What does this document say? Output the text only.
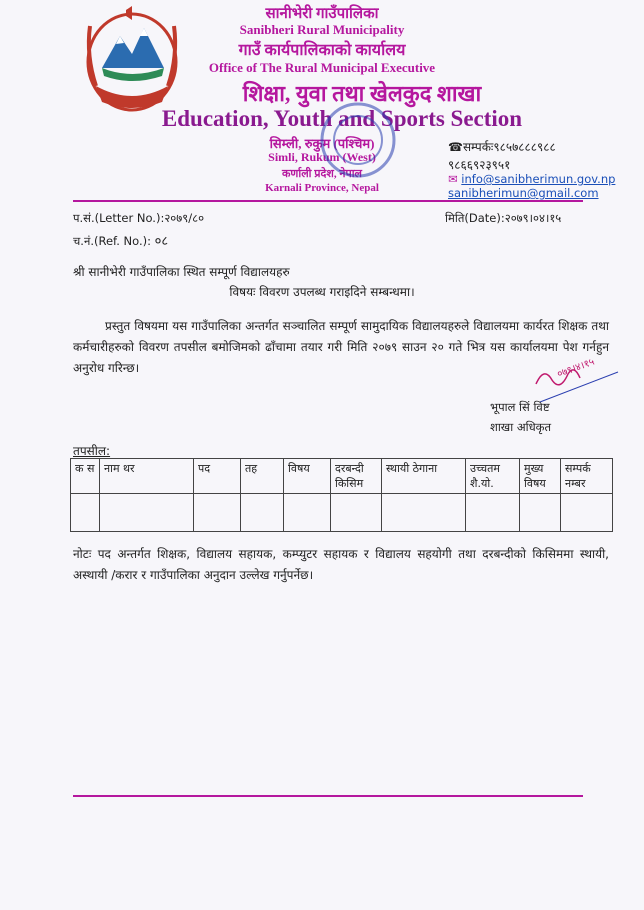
सानीभेरी गाउँपालिका
Sanibheri Rural Municipality
गाउँ कार्यपालिकाको कार्यालय
Office of The Rural Municipal Executive
शिक्षा, युवा तथा खेलकुद शाखा
Education, Youth and Sports Section
सिम्ली, रुकुम (पश्चिम)
Simli, Rukum (West)
कर्णाली प्रदेश, नेपाल
Karnali Province, Nepal
☎सम्पर्कः९८५७८८८९८८
९८६६९२३९५१
✉ info@sanibherimun.gov.np
sanibherimun@gmail.com
प.सं.(Letter No.):२०७९/८०
च.नं.(Ref. No.): ०८
मिति(Date):२०७९।०४।१५
श्री सानीभेरी गाउँपालिका स्थित सम्पूर्ण विद्यालयहरु
विषयः विवरण उपलब्ध गराइदिने सम्बन्धमा।
प्रस्तुत विषयमा यस गाउँपालिका अन्तर्गत सञ्चालित सम्पूर्ण सामुदायिक विद्यालयहरुले विद्यालयमा कार्यरत शिक्षक तथा कर्मचारीहरुको विवरण तपसील बमोजिमको ढाँचामा तयार गरी मिति २०७९ साउन २० गते भित्र यस कार्यालयमा पेश गर्नहुन अनुरोध गरिन्छ।	०७९।४।१५
भूपाल सिं विष्ट
शाखा अधिकृत
तपसील:
क स	नाम थर	पद	तह	विषय	दरबन्दी किसिम	स्थायी ठेगाना	उच्चतम शै.यो.	मुख्य विषय	सम्पर्क नम्बर

नोटः पद अन्तर्गत शिक्षक, विद्यालय सहायक, कम्प्युटर सहायक र विद्यालय सहयोगी तथा दरबन्दीको किसिममा स्थायी, अस्थायी /करार र गाउँपालिका अनुदान उल्लेख गर्नुपर्नेछ।
